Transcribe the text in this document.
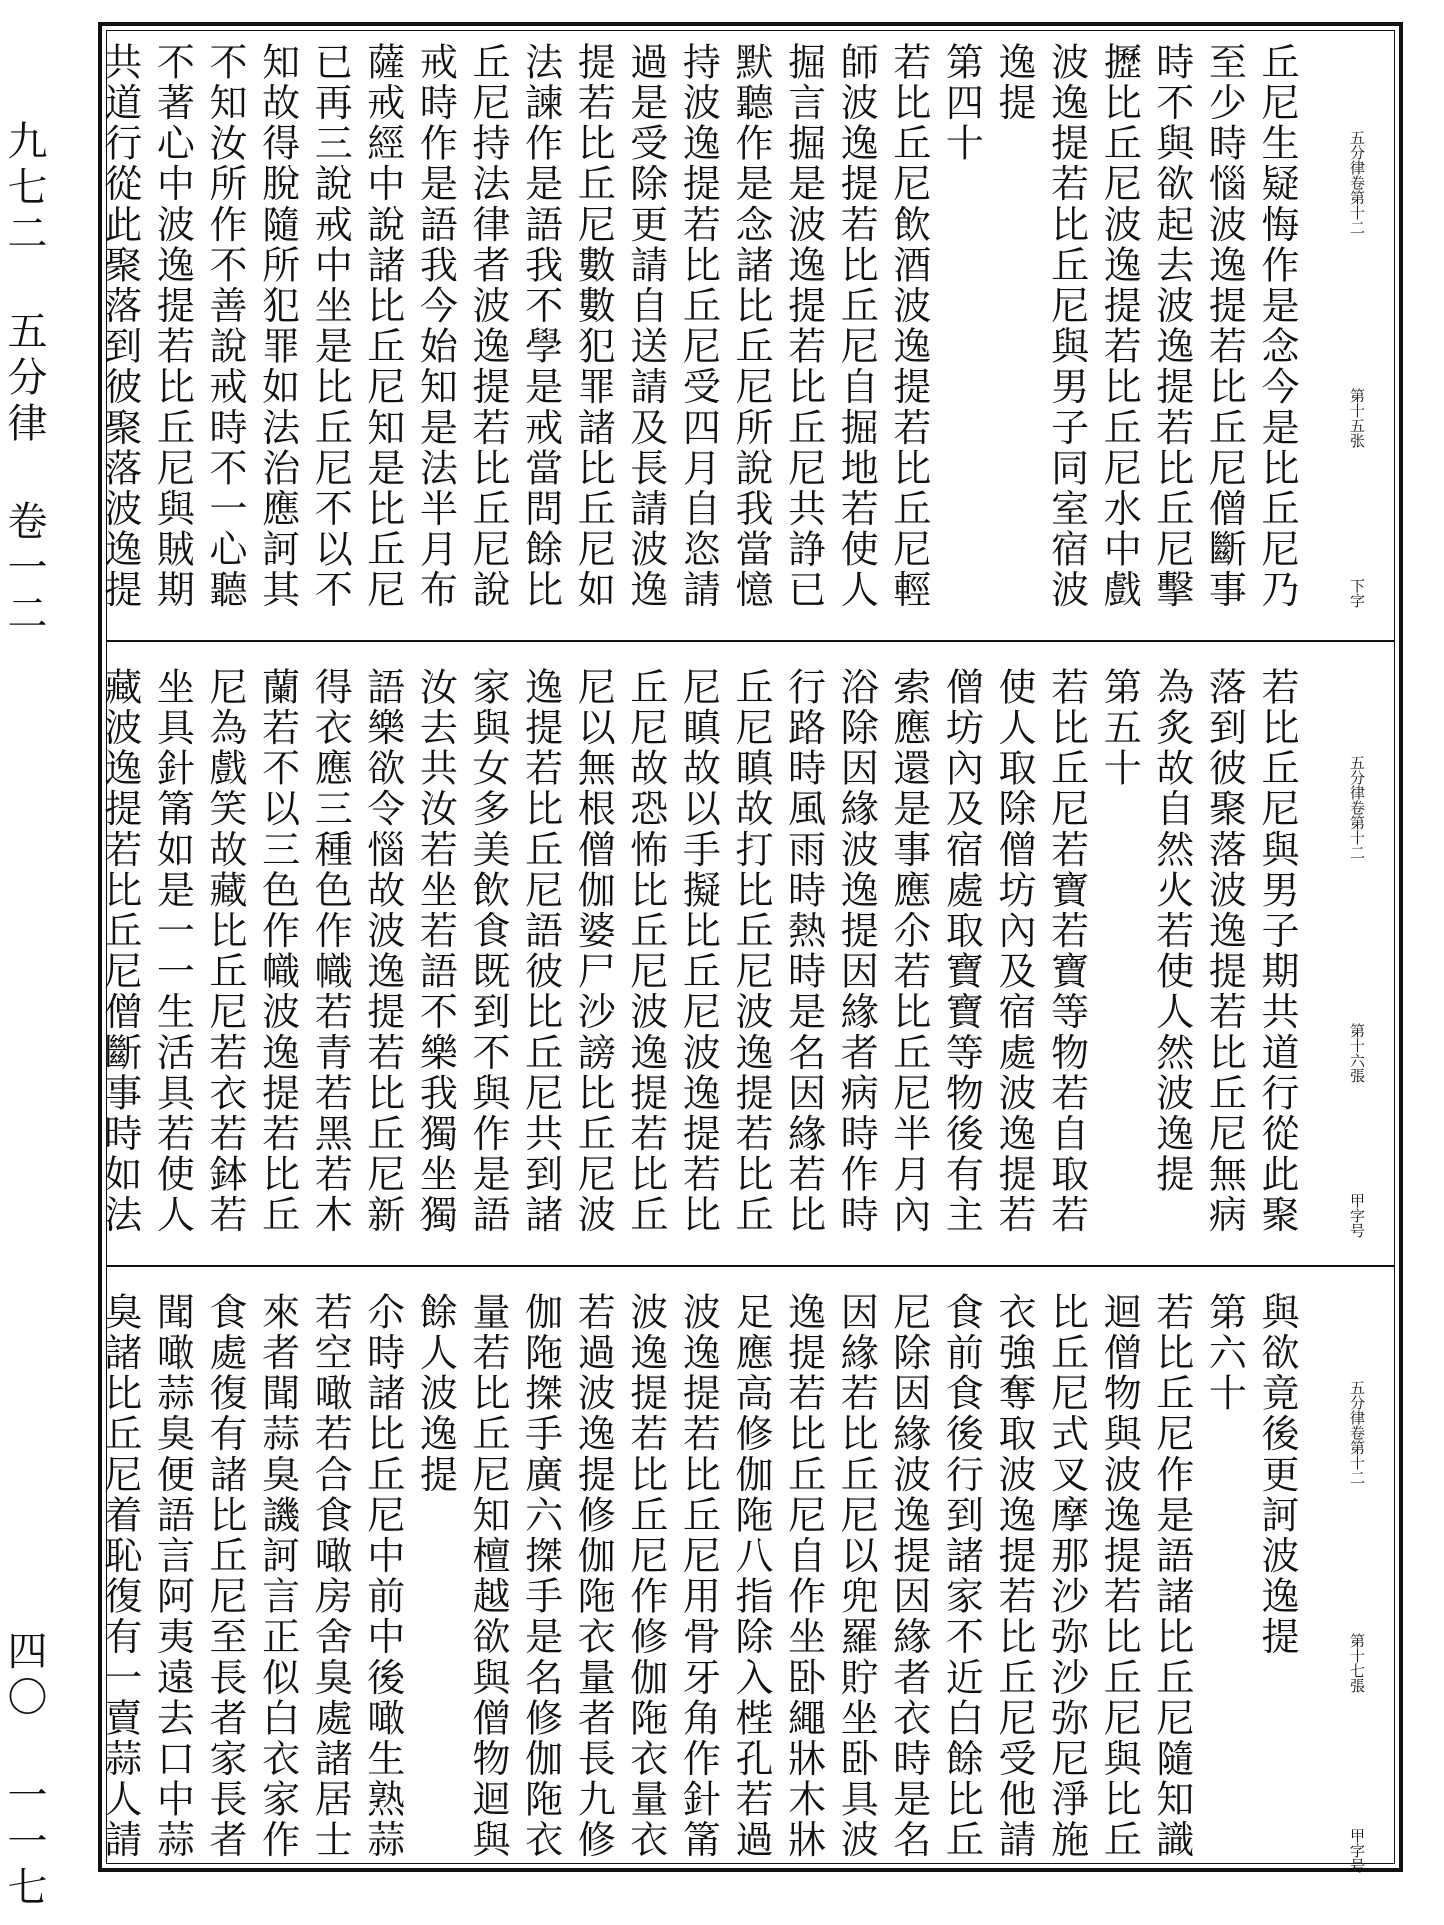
九七二 五分律 卷一二
四〇 一一七
丘尼生疑悔作是念今是比丘尼乃
至少時惱波逸提若比丘尼僧斷事
時不與欲起去波逸提若比丘尼擊
攊比丘尼波逸提若比丘尼水中戲
波逸提若比丘尼與男子同室宿波
逸提
第四十
若比丘尼飲酒波逸提若比丘尼輕
師波逸提若比丘尼自掘地若使人
掘言掘是波逸提若比丘尼共諍已
默聽作是念諸比丘尼所說我當憶
持波逸提若比丘尼受四月自恣請
過是受除更請自送請及長請波逸
提若比丘尼數數犯罪諸比丘尼如
法諫作是語我不學是戒當問餘比
丘尼持法律者波逸提若比丘尼說
戒時作是語我今始知是法半月布
薩戒經中說諸比丘尼知是比丘尼
已再三說戒中坐是比丘尼不以不
知故得脫隨所犯罪如法治應訶其
不知汝所作不善說戒時不一心聽
不著心中波逸提若比丘尼與賊期
共道行從此聚落到彼聚落波逸提	五分律卷第十二
第十五张
下字
若比丘尼與男子期共道行從此聚
落到彼聚落波逸提若比丘尼無病
為炙故自然火若使人然波逸提
第五十
若比丘尼若寶若寶等物若自取若
使人取除僧坊內及宿處波逸提若
僧坊內及宿處取寶寶等物後有主
索應還是事應尒若比丘尼半月內
浴除因緣波逸提因緣者病時作時
行路時風雨時熱時是名因緣若比
丘尼瞋故打比丘尼波逸提若比丘
尼瞋故以手擬比丘尼波逸提若比
丘尼故恐怖比丘尼波逸提若比丘
尼以無根僧伽婆尸沙謗比丘尼波
逸提若比丘尼語彼比丘尼共到諸
家與女多美飲食既到不與作是語
汝去共汝若坐若語不樂我獨坐獨
語樂欲令惱故波逸提若比丘尼新
得衣應三種色作幟若青若黑若木
蘭若不以三色作幟波逸提若比丘
尼為戲笑故藏比丘尼若衣若鉢若
坐具針筩如是一一生活具若使人
藏波逸提若比丘尼僧斷事時如法	五分律卷第十二
第十六張
甲字号
與欲竟後更訶波逸提
第六十
若比丘尼作是語諸比丘尼隨知識
迴僧物與波逸提若比丘尼與比丘
比丘尼式叉摩那沙弥沙弥尼淨施
衣強奪取波逸提若比丘尼受他請
食前食後行到諸家不近白餘比丘
尼除因緣波逸提因緣者衣時是名
因緣若比丘尼以兜羅貯坐卧具波
逸提若比丘尼自作坐卧繩牀木牀
足應高修伽陁八指除入梐孔若過
波逸提若比丘尼用骨牙角作針筩
波逸提若比丘尼作修伽陁衣量衣
若過波逸提修伽陁衣量者長九修
伽陁搩手廣六搩手是名修伽陁衣
量若比丘尼知檀越欲與僧物迴與
餘人波逸提
尒時諸比丘尼中前中後噉生熟蒜
若空噉若合食噉房舍臭處諸居士
來者聞蒜臭譏訶言正似白衣家作
食處復有諸比丘尼至長者家長者
聞噉蒜臭便語言阿夷遠去口中蒜
臭諸比丘尼着恥復有一賣蒜人請	五分律卷第十二
第十七張
甲字号
